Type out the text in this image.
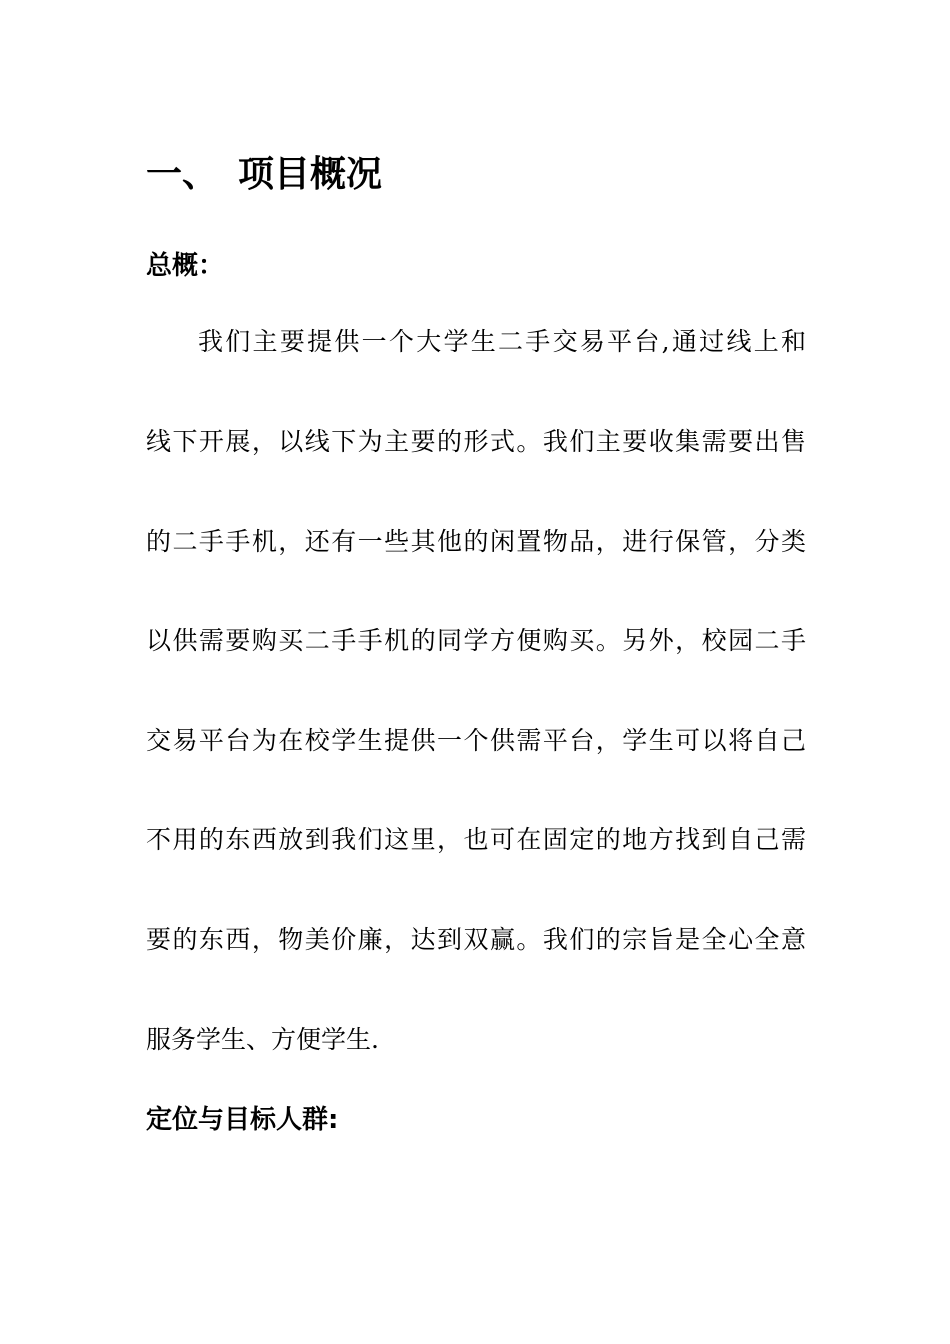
一、 项目概况
总概：
我们主要提供一个大学生二手交易平台,通过线上和
线下开展，以线下为主要的形式。我们主要收集需要出售
的二手手机，还有一些其他的闲置物品，进行保管，分类
以供需要购买二手手机的同学方便购买。另外，校园二手
交易平台为在校学生提供一个供需平台，学生可以将自己
不用的东西放到我们这里，也可在固定的地方找到自己需
要的东西，物美价廉，达到双赢。我们的宗旨是全心全意
服务学生、方便学生.
定位与目标人群:
